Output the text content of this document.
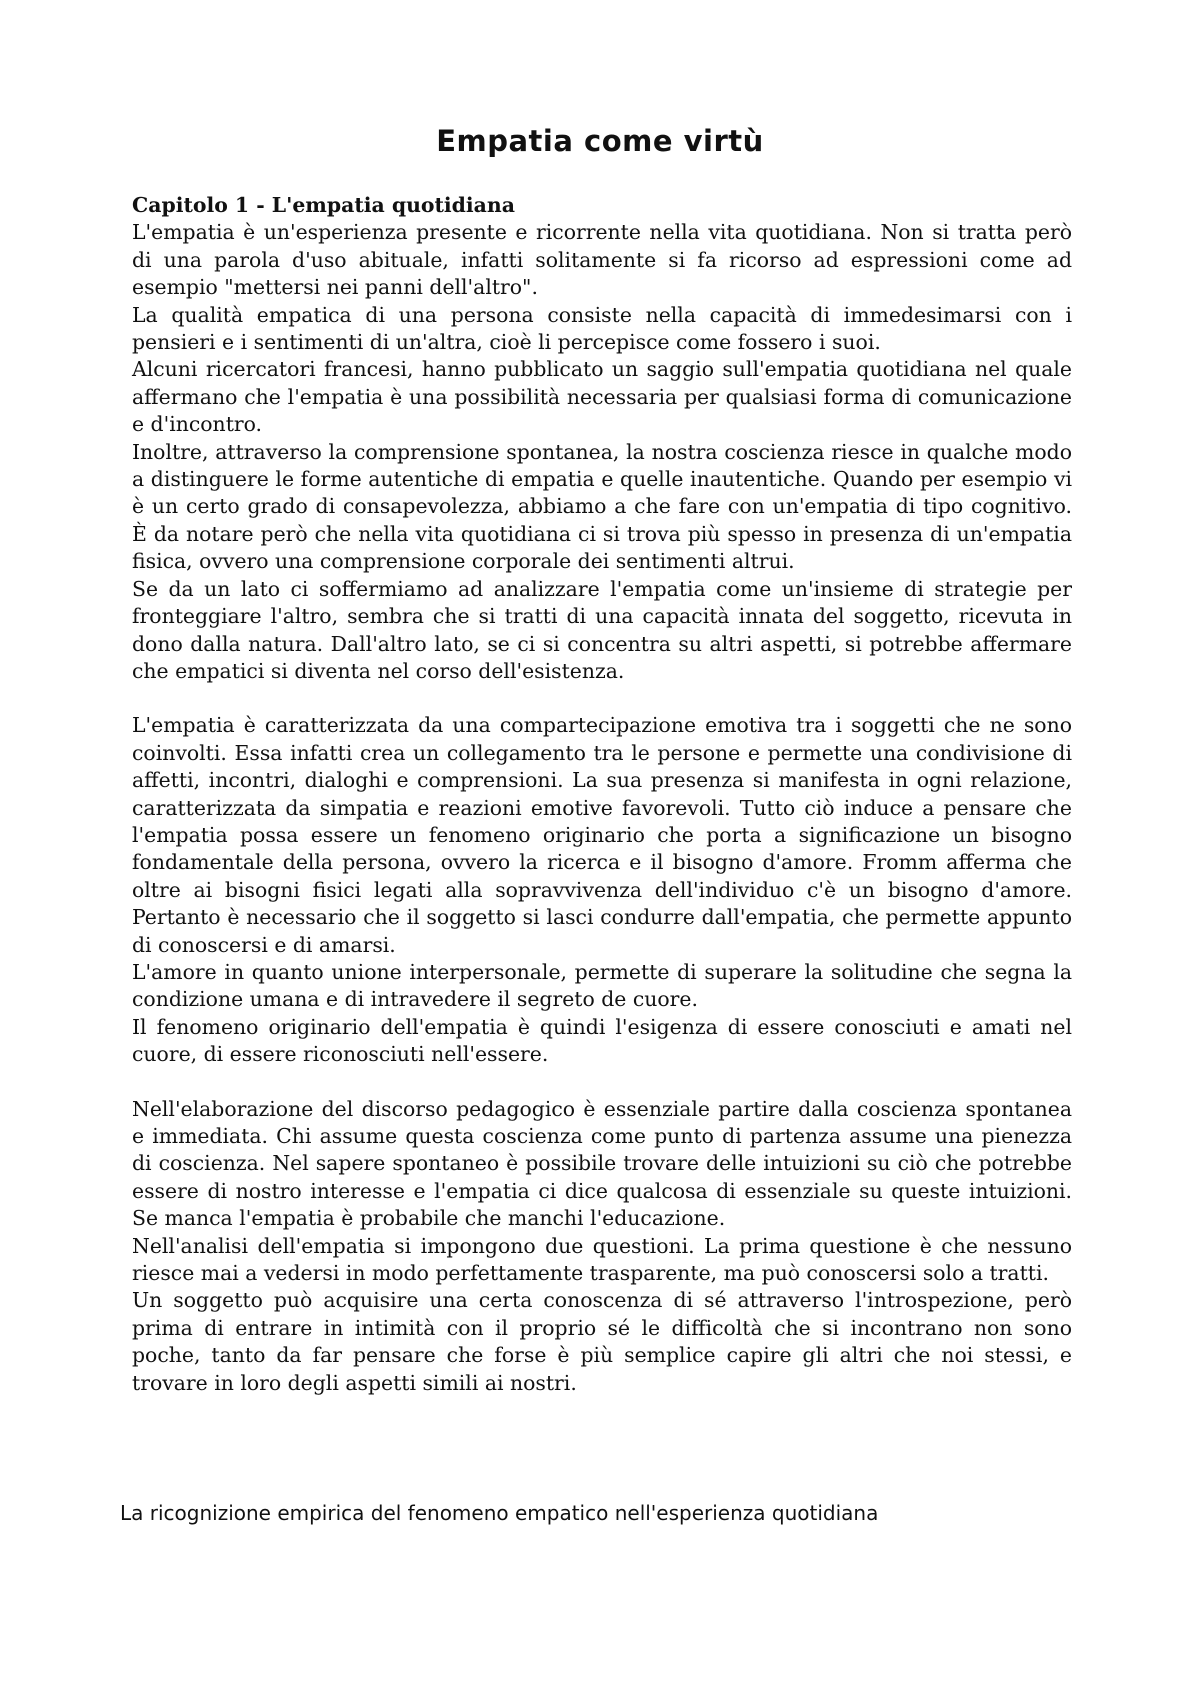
Empatia come virtù

Capitolo 1 - L'empatia quotidiana

L'empatia è un'esperienza presente e ricorrente nella vita quotidiana. Non si tratta però di una parola d'uso abituale, infatti solitamente si fa ricorso ad espressioni come ad esempio "mettersi nei panni dell'altro".

La qualità empatica di una persona consiste nella capacità di immedesimarsi con i pensieri e i sentimenti di un'altra, cioè li percepisce come fossero i suoi.

Alcuni ricercatori francesi, hanno pubblicato un saggio sull'empatia quotidiana nel quale affermano che l'empatia è una possibilità necessaria per qualsiasi forma di comunicazione e d'incontro.

Inoltre, attraverso la comprensione spontanea, la nostra coscienza riesce in qualche modo a distinguere le forme autentiche di empatia e quelle inautentiche. Quando per esempio vi è un certo grado di consapevolezza, abbiamo a che fare con un'empatia di tipo cognitivo. È da notare però che nella vita quotidiana ci si trova più spesso in presenza di un'empatia fisica, ovvero una comprensione corporale dei sentimenti altrui.

Se da un lato ci soffermiamo ad analizzare l'empatia come un'insieme di strategie per fronteggiare l'altro, sembra che si tratti di una capacità innata del soggetto, ricevuta in dono dalla natura. Dall'altro lato, se ci si concentra su altri aspetti, si potrebbe affermare che empatici si diventa nel corso dell'esistenza.

L'empatia è caratterizzata da una compartecipazione emotiva tra i soggetti che ne sono coinvolti. Essa infatti crea un collegamento tra le persone e permette una condivisione di affetti, incontri, dialoghi e comprensioni. La sua presenza si manifesta in ogni relazione, caratterizzata da simpatia e reazioni emotive favorevoli. Tutto ciò induce a pensare che l'empatia possa essere un fenomeno originario che porta a significazione un bisogno fondamentale della persona, ovvero la ricerca e il bisogno d'amore. Fromm afferma che oltre ai bisogni fisici legati alla sopravvivenza dell'individuo c'è un bisogno d'amore. Pertanto è necessario che il soggetto si lasci condurre dall'empatia, che permette appunto di conoscersi e di amarsi.

L'amore in quanto unione interpersonale, permette di superare la solitudine che segna la condizione umana e di intravedere il segreto de cuore.

Il fenomeno originario dell'empatia è quindi l'esigenza di essere conosciuti e amati nel cuore, di essere riconosciuti nell'essere.

Nell'elaborazione del discorso pedagogico è essenziale partire dalla coscienza spontanea e immediata. Chi assume questa coscienza come punto di partenza assume una pienezza di coscienza. Nel sapere spontaneo è possibile trovare delle intuizioni su ciò che potrebbe essere di nostro interesse e l'empatia ci dice qualcosa di essenziale su queste intuizioni. Se manca l'empatia è probabile che manchi l'educazione.

Nell'analisi dell'empatia si impongono due questioni. La prima questione è che nessuno riesce mai a vedersi in modo perfettamente trasparente, ma può conoscersi solo a tratti.

Un soggetto può acquisire una certa conoscenza di sé attraverso l'introspezione, però prima di entrare in intimità con il proprio sé le difficoltà che si incontrano non sono poche, tanto da far pensare che forse è più semplice capire gli altri che noi stessi, e trovare in loro degli aspetti simili ai nostri.

La ricognizione empirica del fenomeno empatico nell'esperienza quotidiana
